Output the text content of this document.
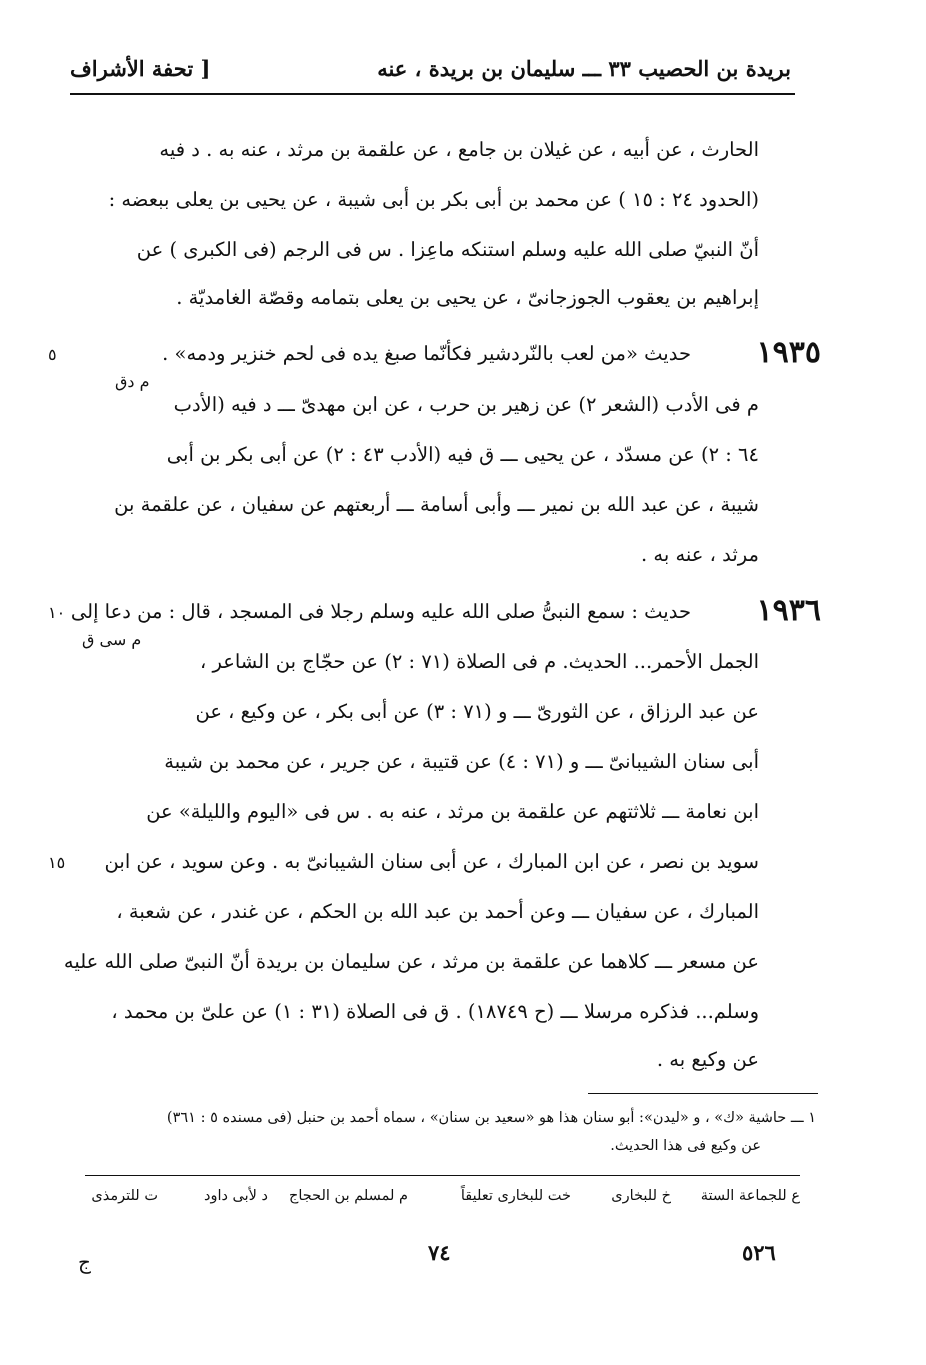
بريدة بن الحصيب ٣٣ ـــ سليمان بن بريدة ، عنه
[ تحفة الأشراف
الحارث ، عن أبيه ، عن غيلان بن جامع ، عن علقمة بن مرثد ، عنه به . د فيه
(الحدود ٢٤ : ١٥ ) عن محمد بن أبى بكر بن أبى شيبة ، عن يحيى بن يعلى ببعضه :
أنّ النبيّ صلى الله عليه وسلم استنكه ماعِزا . س فى الرجم (فى الكبرى ) عن
إبراهيم بن يعقوب الجوزجانىّ ، عن يحيى بن يعلى بتمامه وقصّة الغامديّة .
١٩٣٥
حديث «من لعب بالنّردشير فكأنّما صبغ يده فى لحم خنزير ودمه» .
٥
م دق
م فى الأدب (الشعر ٢) عن زهير بن حرب ، عن ابن مهدىّ ـــ د فيه (الأدب
٦٤ : ٢) عن مسدّد ، عن يحيى ـــ ق فيه (الأدب ٤٣ : ٢) عن أبى بكر بن أبى
شيبة ، عن عبد الله بن نمير ـــ وأبى أسامة ـــ أربعتهم عن سفيان ، عن علقمة بن
مرثد ، عنه به .
١٩٣٦
حديث : سمع النبىُّ صلى الله عليه وسلم رجلا فى المسجد ، قال : من دعا إلى
١٠
م سى ق
الجمل الأحمر... الحديث. م فى الصلاة (٧١ : ٢) عن حجّاج بن الشاعر ،
عن عبد الرزاق ، عن الثورىّ ـــ و (٧١ : ٣) عن أبى بكر ، عن وكيع ، عن
أبى سنان الشيبانىّ ـــ و (٧١ : ٤) عن قتيبة ، عن جرير ، عن محمد بن شيبة
ابن نعامة ـــ ثلاثتهم عن علقمة بن مرثد ، عنه به . س فى «اليوم والليلة» عن
سويد بن نصر ، عن ابن المبارك ، عن أبى سنان الشيبانىّ به . وعن سويد ، عن ابن
١٥
المبارك ، عن سفيان ـــ وعن أحمد بن عبد الله بن الحكم ، عن غندر ، عن شعبة ،
عن مسعر ـــ كلاهما عن علقمة بن مرثد ، عن سليمان بن بريدة أنّ النبىّ صلى الله عليه
وسلم... فذكره مرسلا ـــ (ح ١٨٧٤٩) . ق فى الصلاة (٣١ : ١) عن علىّ بن محمد ،
عن وكيع به .
١ ـــ حاشية «ك» ، و «ليدن»: أبو سنان هذا هو «سعيد بن سنان» ، سماه أحمد بن حنبل (فى مسنده ٥ : ٣٦١)
عن وكيع فى هذا الحديث.
ع للجماعة الستة
خ للبخارى
خت للبخارى تعليقاً
م لمسلم بن الحجاج
د لأبى داود
ت للترمذى
٧٤	٥٢٦
ج
